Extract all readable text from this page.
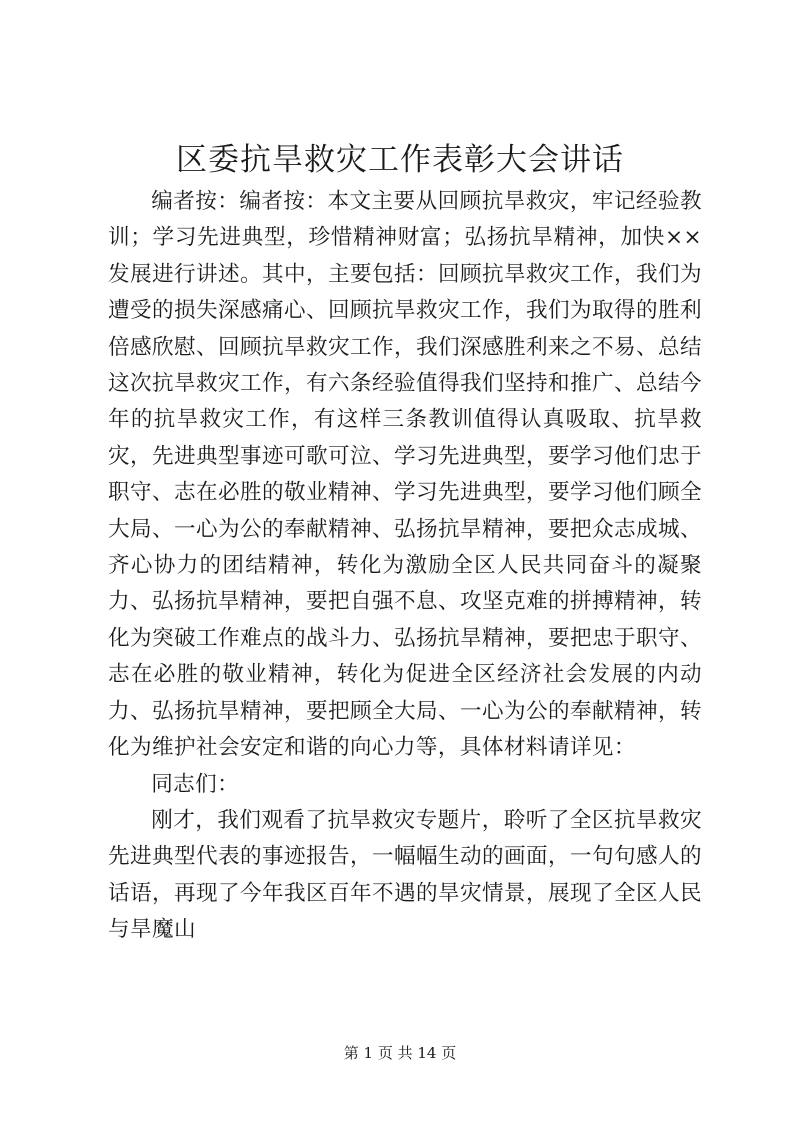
区委抗旱救灾工作表彰大会讲话

编者按：编者按：本文主要从回顾抗旱救灾，牢记经验教训；学习先进典型，珍惜精神财富；弘扬抗旱精神，加快××发展进行讲述。其中，主要包括：回顾抗旱救灾工作，我们为遭受的损失深感痛心、回顾抗旱救灾工作，我们为取得的胜利倍感欣慰、回顾抗旱救灾工作，我们深感胜利来之不易、总结这次抗旱救灾工作，有六条经验值得我们坚持和推广、总结今年的抗旱救灾工作，有这样三条教训值得认真吸取、抗旱救灾，先进典型事迹可歌可泣、学习先进典型，要学习他们忠于职守、志在必胜的敬业精神、学习先进典型，要学习他们顾全大局、一心为公的奉献精神、弘扬抗旱精神，要把众志成城、齐心协力的团结精神，转化为激励全区人民共同奋斗的凝聚力、弘扬抗旱精神，要把自强不息、攻坚克难的拼搏精神，转化为突破工作难点的战斗力、弘扬抗旱精神，要把忠于职守、志在必胜的敬业精神，转化为促进全区经济社会发展的内动力、弘扬抗旱精神，要把顾全大局、一心为公的奉献精神，转化为维护社会安定和谐的向心力等，具体材料请详见：

同志们：

刚才，我们观看了抗旱救灾专题片，聆听了全区抗旱救灾先进典型代表的事迹报告，一幅幅生动的画面，一句句感人的话语，再现了今年我区百年不遇的旱灾情景，展现了全区人民与旱魔山

第 1 页 共 14 页
